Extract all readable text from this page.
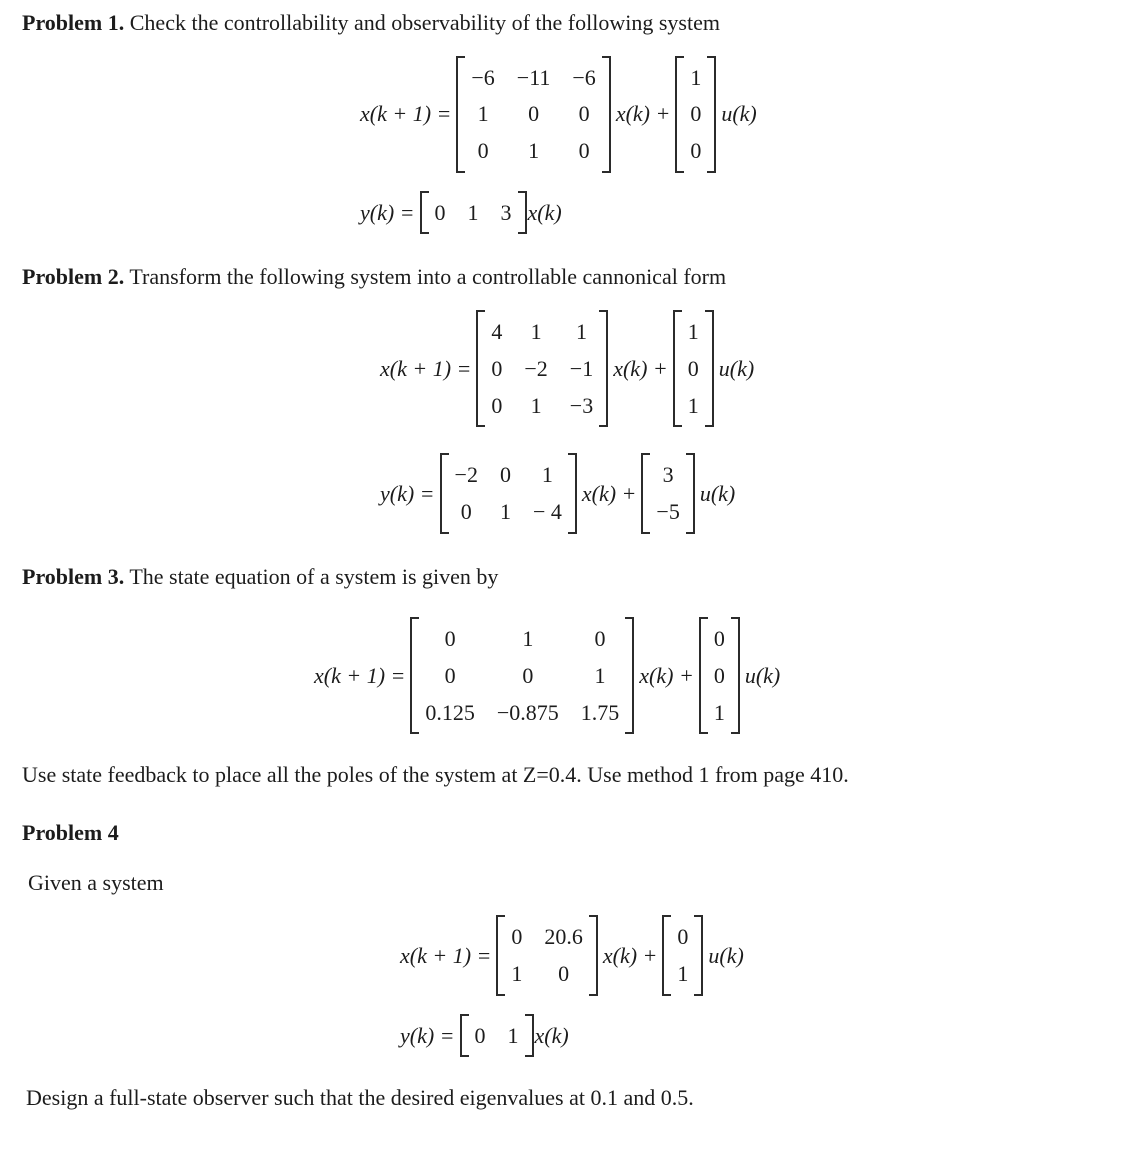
Problem 1. Check the controllability and observability of the following system

x(k + 1) =
−6 −11 −6
1 0 0
0 1 0
x(k) +
1
0
0
u(k)
y(k) = 0 1 3 x(k)

Problem 2. Transform the following system into a controllable cannonical form

x(k + 1) =
4 1 1
0 −2 −1
0 1 −3
x(k) +
1
0
1
u(k)
y(k) =
−2 0 1
0 1 − 4
x(k) +
3
−5
u(k)

Problem 3. The state equation of a system is given by

x(k + 1) =
0	1	0
0	0	1
0.125 −0.875 1.75
x(k) +
0
0
1
u(k)

Use state feedback to place all the poles of the system at Z=0.4. Use method 1 from page 410.

Problem 4

Given a system

x(k + 1) =
0 20.6
1 0
x(k) +
0
1
u(k)
y(k) = 0 1 x(k)

Design a full-state observer such that the desired eigenvalues at 0.1 and 0.5.
